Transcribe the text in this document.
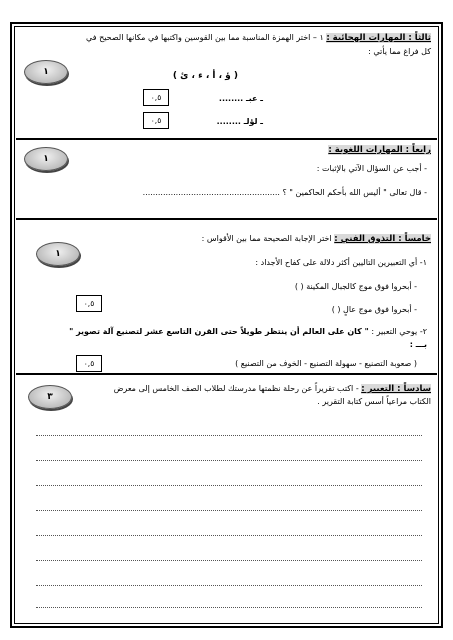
ثالثاً : المهارات الهجائية : ١ – اختر الهمزة المناسبة مما بين القوسين واكتبها في مكانها الصحيح في
كل فراغ مما يأتي :
١	( ؤ ، أ ، ء ، ئ )
ـ عبـ ........
٠,٥
ـ لؤلـ ........
٠,٥
رابعاً : المهارات اللغوية :
١
- أجب عن السؤال الآتي بالإثبات :
- قال تعالى " أليس الله بأحكم الحاكمين " ؟ ......................................................
خامساً : التذوق الفني : اختر الإجابة الصحيحة مما بين الأقواس :
١
١- أي التعبيرين التاليين أكثر دلالة على كفاح الأجداد :
- أبحروا فوق موج كالجبال المكينة ( )
- أبحروا فوق موج عالٍ ( )
٠,٥
٢- يوحي التعبير : " كان على العالم أن ينتظر طويلاً حتى القرن التاسع عشر لتصنيع آلة تصوير "
بـــ :
( صعوبة التصنيع - سهولة التصنيع - الخوف من التصنيع )
٠,٥
سادساً : التعبير : - اكتب تقريراً عن رحلة نظمتها مدرستك لطلاب الصف الخامس إلى معرض
الكتاب مراعياً أسس كتابة التقرير .
٣
